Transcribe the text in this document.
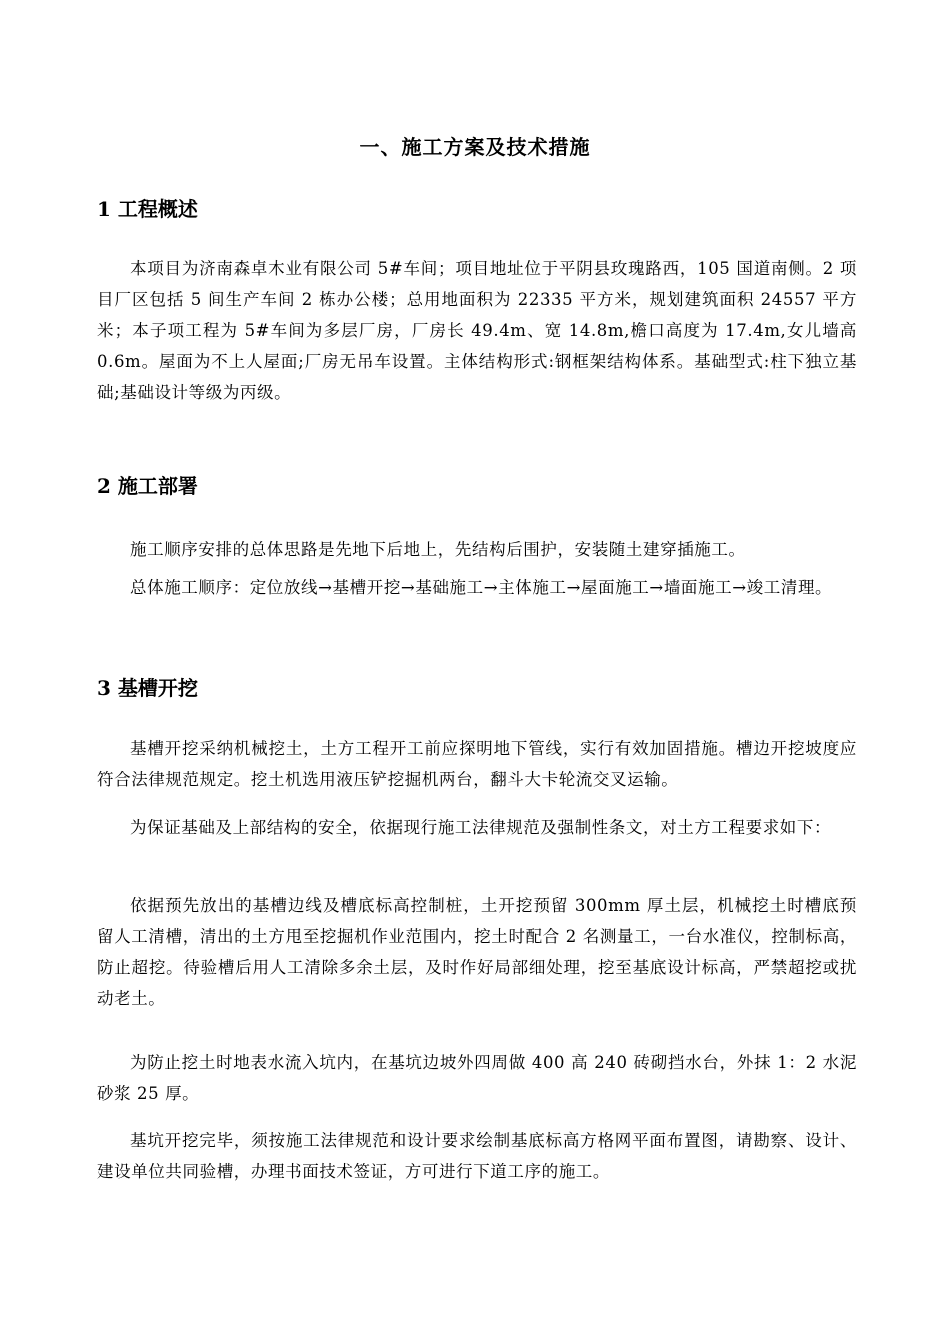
一、施工方案及技术措施
1 工程概述

本项目为济南森卓木业有限公司 5#车间；项目地址位于平阴县玫瑰路西，105 国道南侧。2 项目厂区包括 5 间生产车间 2 栋办公楼；总用地面积为 22335 平方米，规划建筑面积 24557 平方米；本子项工程为 5#车间为多层厂房，厂房长 49.4m、宽 14.8m,檐口高度为 17.4m,女儿墙高 0.6m。屋面为不上人屋面;厂房无吊车设置。主体结构形式:钢框架结构体系。基础型式:柱下独立基础;基础设计等级为丙级。

2 施工部署

施工顺序安排的总体思路是先地下后地上，先结构后围护，安装随土建穿插施工。

总体施工顺序：定位放线→基槽开挖→基础施工→主体施工→屋面施工→墙面施工→竣工清理。

3 基槽开挖

基槽开挖采纳机械挖土，土方工程开工前应探明地下管线，实行有效加固措施。槽边开挖坡度应符合法律规范规定。挖土机选用液压铲挖掘机两台，翻斗大卡轮流交叉运输。

为保证基础及上部结构的安全，依据现行施工法律规范及强制性条文，对土方工程要求如下：

依据预先放出的基槽边线及槽底标高控制桩，土开挖预留 300mm 厚土层，机械挖土时槽底预留人工清槽，清出的土方甩至挖掘机作业范围内，挖土时配合 2 名测量工，一台水准仪，控制标高，防止超挖。待验槽后用人工清除多余土层，及时作好局部细处理，挖至基底设计标高，严禁超挖或扰动老土。

为防止挖土时地表水流入坑内，在基坑边坡外四周做 400 高 240 砖砌挡水台，外抹 1：2 水泥砂浆 25 厚。

基坑开挖完毕，须按施工法律规范和设计要求绘制基底标高方格网平面布置图，请勘察、设计、建设单位共同验槽，办理书面技术签证，方可进行下道工序的施工。
